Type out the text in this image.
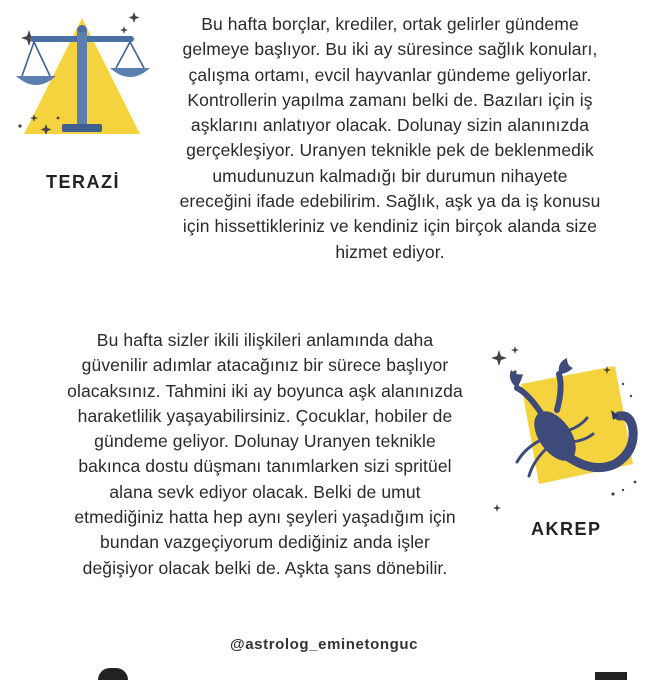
TERAZİ
Bu hafta borçlar, krediler, ortak gelirler gündeme
gelmeye başlıyor. Bu iki ay süresince sağlık konuları,
çalışma ortamı, evcil hayvanlar gündeme geliyorlar.
Kontrollerin yapılma zamanı belki de. Bazıları için iş
aşklarını anlatıyor olacak. Dolunay sizin alanınızda
gerçekleşiyor. Uranyen teknikle pek de beklenmedik
umudunuzun kalmadığı bir durumun nihayete
ereceğini ifade edebilirim. Sağlık, aşk ya da iş konusu
için hissettikleriniz ve kendiniz için birçok alanda size
hizmet ediyor.
Bu hafta sizler ikili ilişkileri anlamında daha
güvenilir adımlar atacağınız bir sürece başlıyor
olacaksınız. Tahmini iki ay boyunca aşk alanınızda
haraketlilik yaşayabilirsiniz. Çocuklar, hobiler de
gündeme geliyor. Dolunay Uranyen teknikle
bakınca dostu düşmanı tanımlarken sizi spritüel
alana sevk ediyor olacak. Belki de umut
etmediğiniz hatta hep aynı şeyleri yaşadığım için
bundan vazgeçiyorum dediğiniz anda işler
değişiyor olacak belki de. Aşkta şans dönebilir.
AKREP
@astrolog_eminetonguc
